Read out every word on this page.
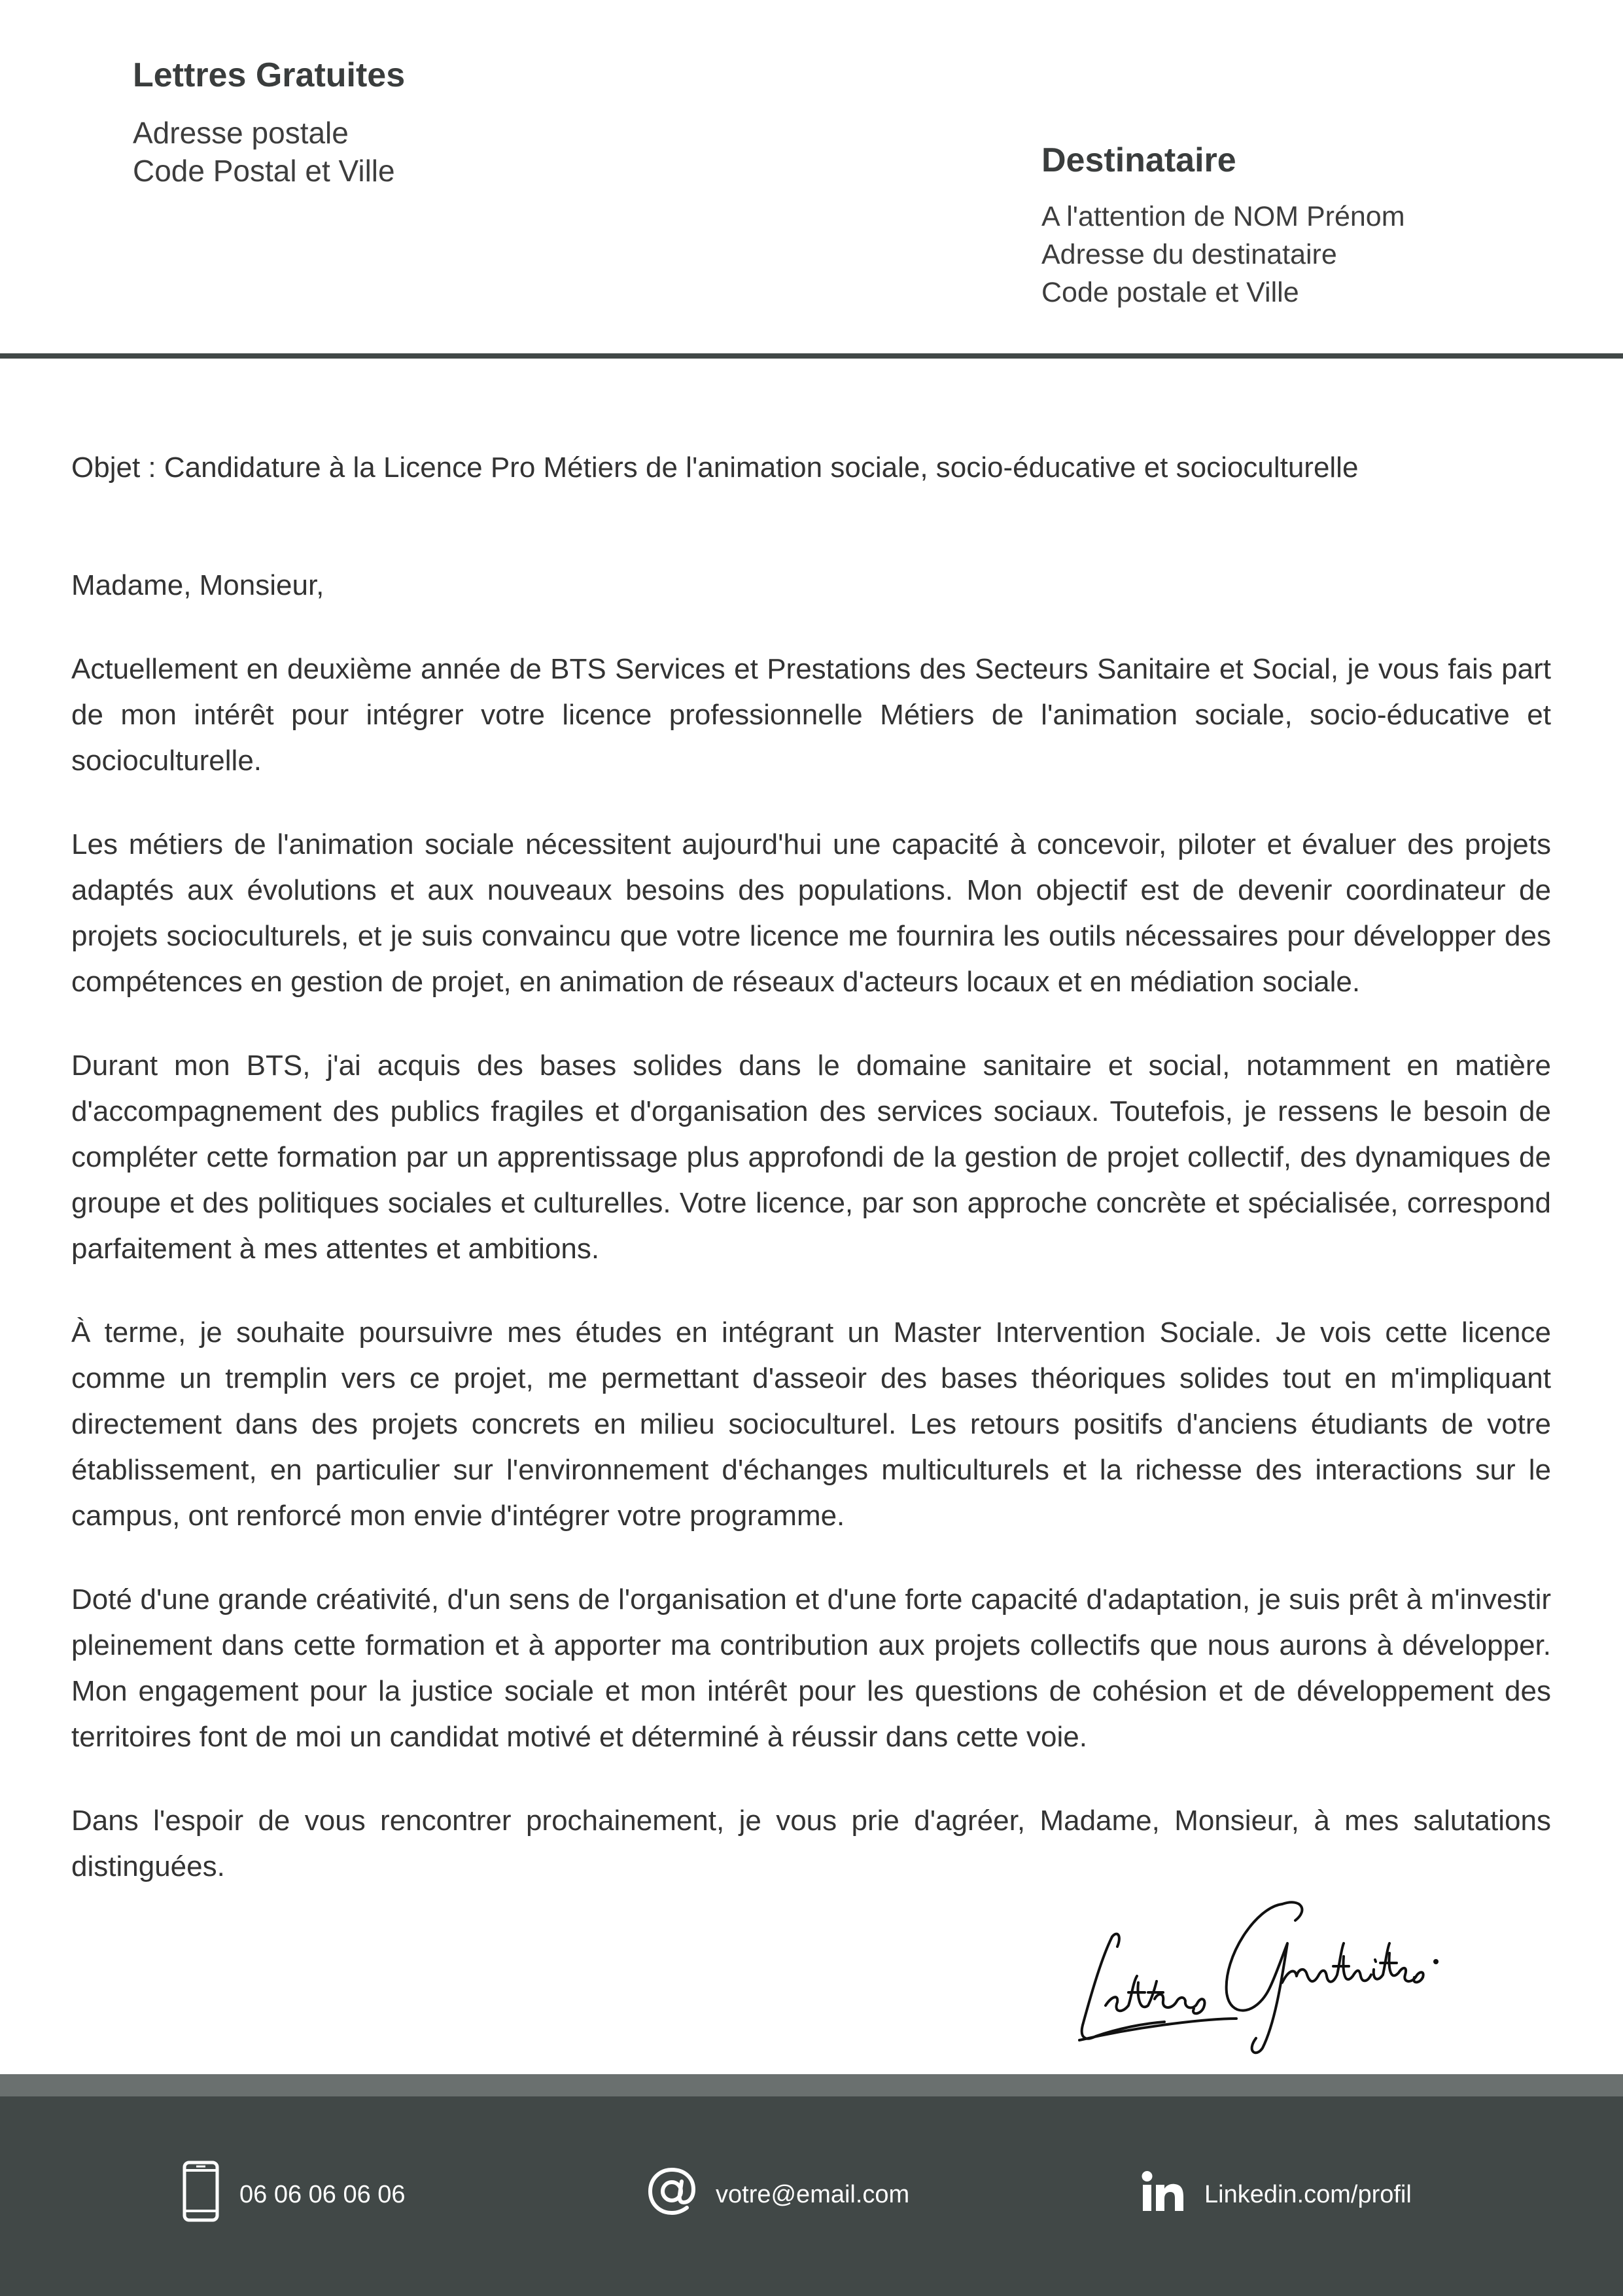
Lettres Gratuites
Adresse postale
Code Postal et Ville	Destinataire
A l'attention de NOM Prénom
Adresse du destinataire
Code postale et Ville

Objet : Candidature à la Licence Pro Métiers de l'animation sociale, socio-éducative et socioculturelle

Madame, Monsieur,

Actuellement en deuxième année de BTS Services et Prestations des Secteurs Sanitaire et Social, je vous fais part de mon intérêt pour intégrer votre licence professionnelle Métiers de l'animation sociale, socio-éducative et socioculturelle.

Les métiers de l'animation sociale nécessitent aujourd'hui une capacité à concevoir, piloter et évaluer des projets adaptés aux évolutions et aux nouveaux besoins des populations. Mon objectif est de devenir coordinateur de projets socioculturels, et je suis convaincu que votre licence me fournira les outils nécessaires pour développer des compétences en gestion de projet, en animation de réseaux d'acteurs locaux et en médiation sociale.

Durant mon BTS, j'ai acquis des bases solides dans le domaine sanitaire et social, notamment en matière d'accompagnement des publics fragiles et d'organisation des services sociaux. Toutefois, je ressens le besoin de compléter cette formation par un apprentissage plus approfondi de la gestion de projet collectif, des dynamiques de groupe et des politiques sociales et culturelles. Votre licence, par son approche concrète et spécialisée, correspond parfaitement à mes attentes et ambitions.

À terme, je souhaite poursuivre mes études en intégrant un Master Intervention Sociale. Je vois cette licence comme un tremplin vers ce projet, me permettant d'asseoir des bases théoriques solides tout en m'impliquant directement dans des projets concrets en milieu socioculturel. Les retours positifs d'anciens étudiants de votre établissement, en particulier sur l'environnement d'échanges multiculturels et la richesse des interactions sur le campus, ont renforcé mon envie d'intégrer votre programme.

Doté d'une grande créativité, d'un sens de l'organisation et d'une forte capacité d'adaptation, je suis prêt à m'investir pleinement dans cette formation et à apporter ma contribution aux projets collectifs que nous aurons à développer. Mon engagement pour la justice sociale et mon intérêt pour les questions de cohésion et de développement des territoires font de moi un candidat motivé et déterminé à réussir dans cette voie.

Dans l'espoir de vous rencontrer prochainement, je vous prie d'agréer, Madame, Monsieur, à mes salutations distinguées.

06 06 06 06 06	votre@email.com	Linkedin.com/profil
